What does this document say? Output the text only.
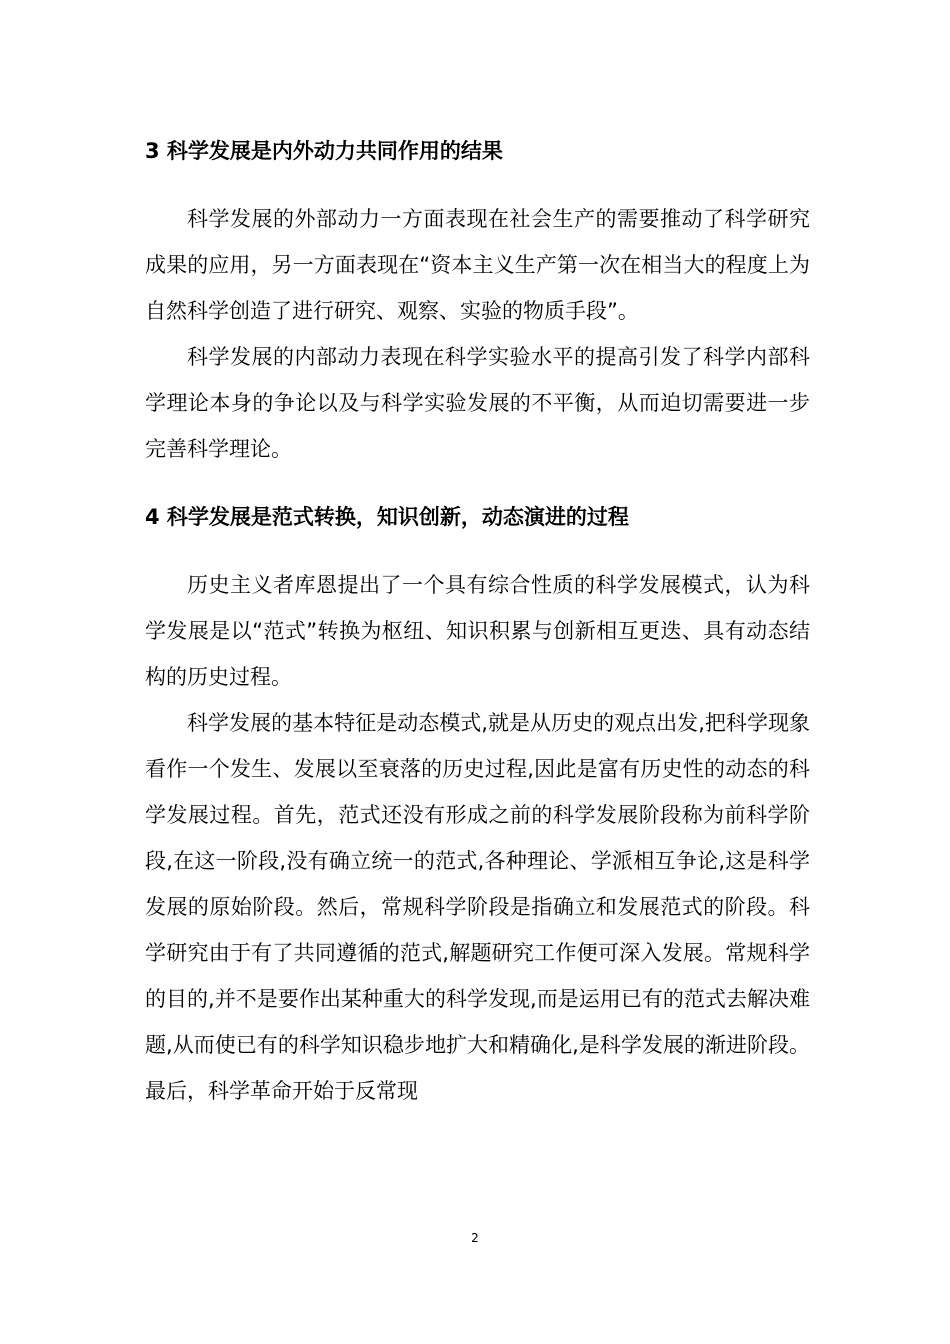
3 科学发展是内外动力共同作用的结果

科学发展的外部动力一方面表现在社会生产的需要推动了科学研究成果的应用，另一方面表现在“资本主义生产第一次在相当大的程度上为自然科学创造了进行研究、观察、实验的物质手段”。

科学发展的内部动力表现在科学实验水平的提高引发了科学内部科学理论本身的争论以及与科学实验发展的不平衡，从而迫切需要进一步完善科学理论。

4 科学发展是范式转换，知识创新，动态演进的过程

历史主义者库恩提出了一个具有综合性质的科学发展模式，认为科学发展是以“范式”转换为枢纽、知识积累与创新相互更迭、具有动态结构的历史过程。

科学发展的基本特征是动态模式,就是从历史的观点出发,把科学现象看作一个发生、发展以至衰落的历史过程,因此是富有历史性的动态的科学发展过程。首先，范式还没有形成之前的科学发展阶段称为前科学阶段,在这一阶段,没有确立统一的范式,各种理论、学派相互争论,这是科学发展的原始阶段。然后，常规科学阶段是指确立和发展范式的阶段。科学研究由于有了共同遵循的范式,解题研究工作便可深入发展。常规科学的目的,并不是要作出某种重大的科学发现,而是运用已有的范式去解决难题,从而使已有的科学知识稳步地扩大和精确化,是科学发展的渐进阶段。最后，科学革命开始于反常现

2
